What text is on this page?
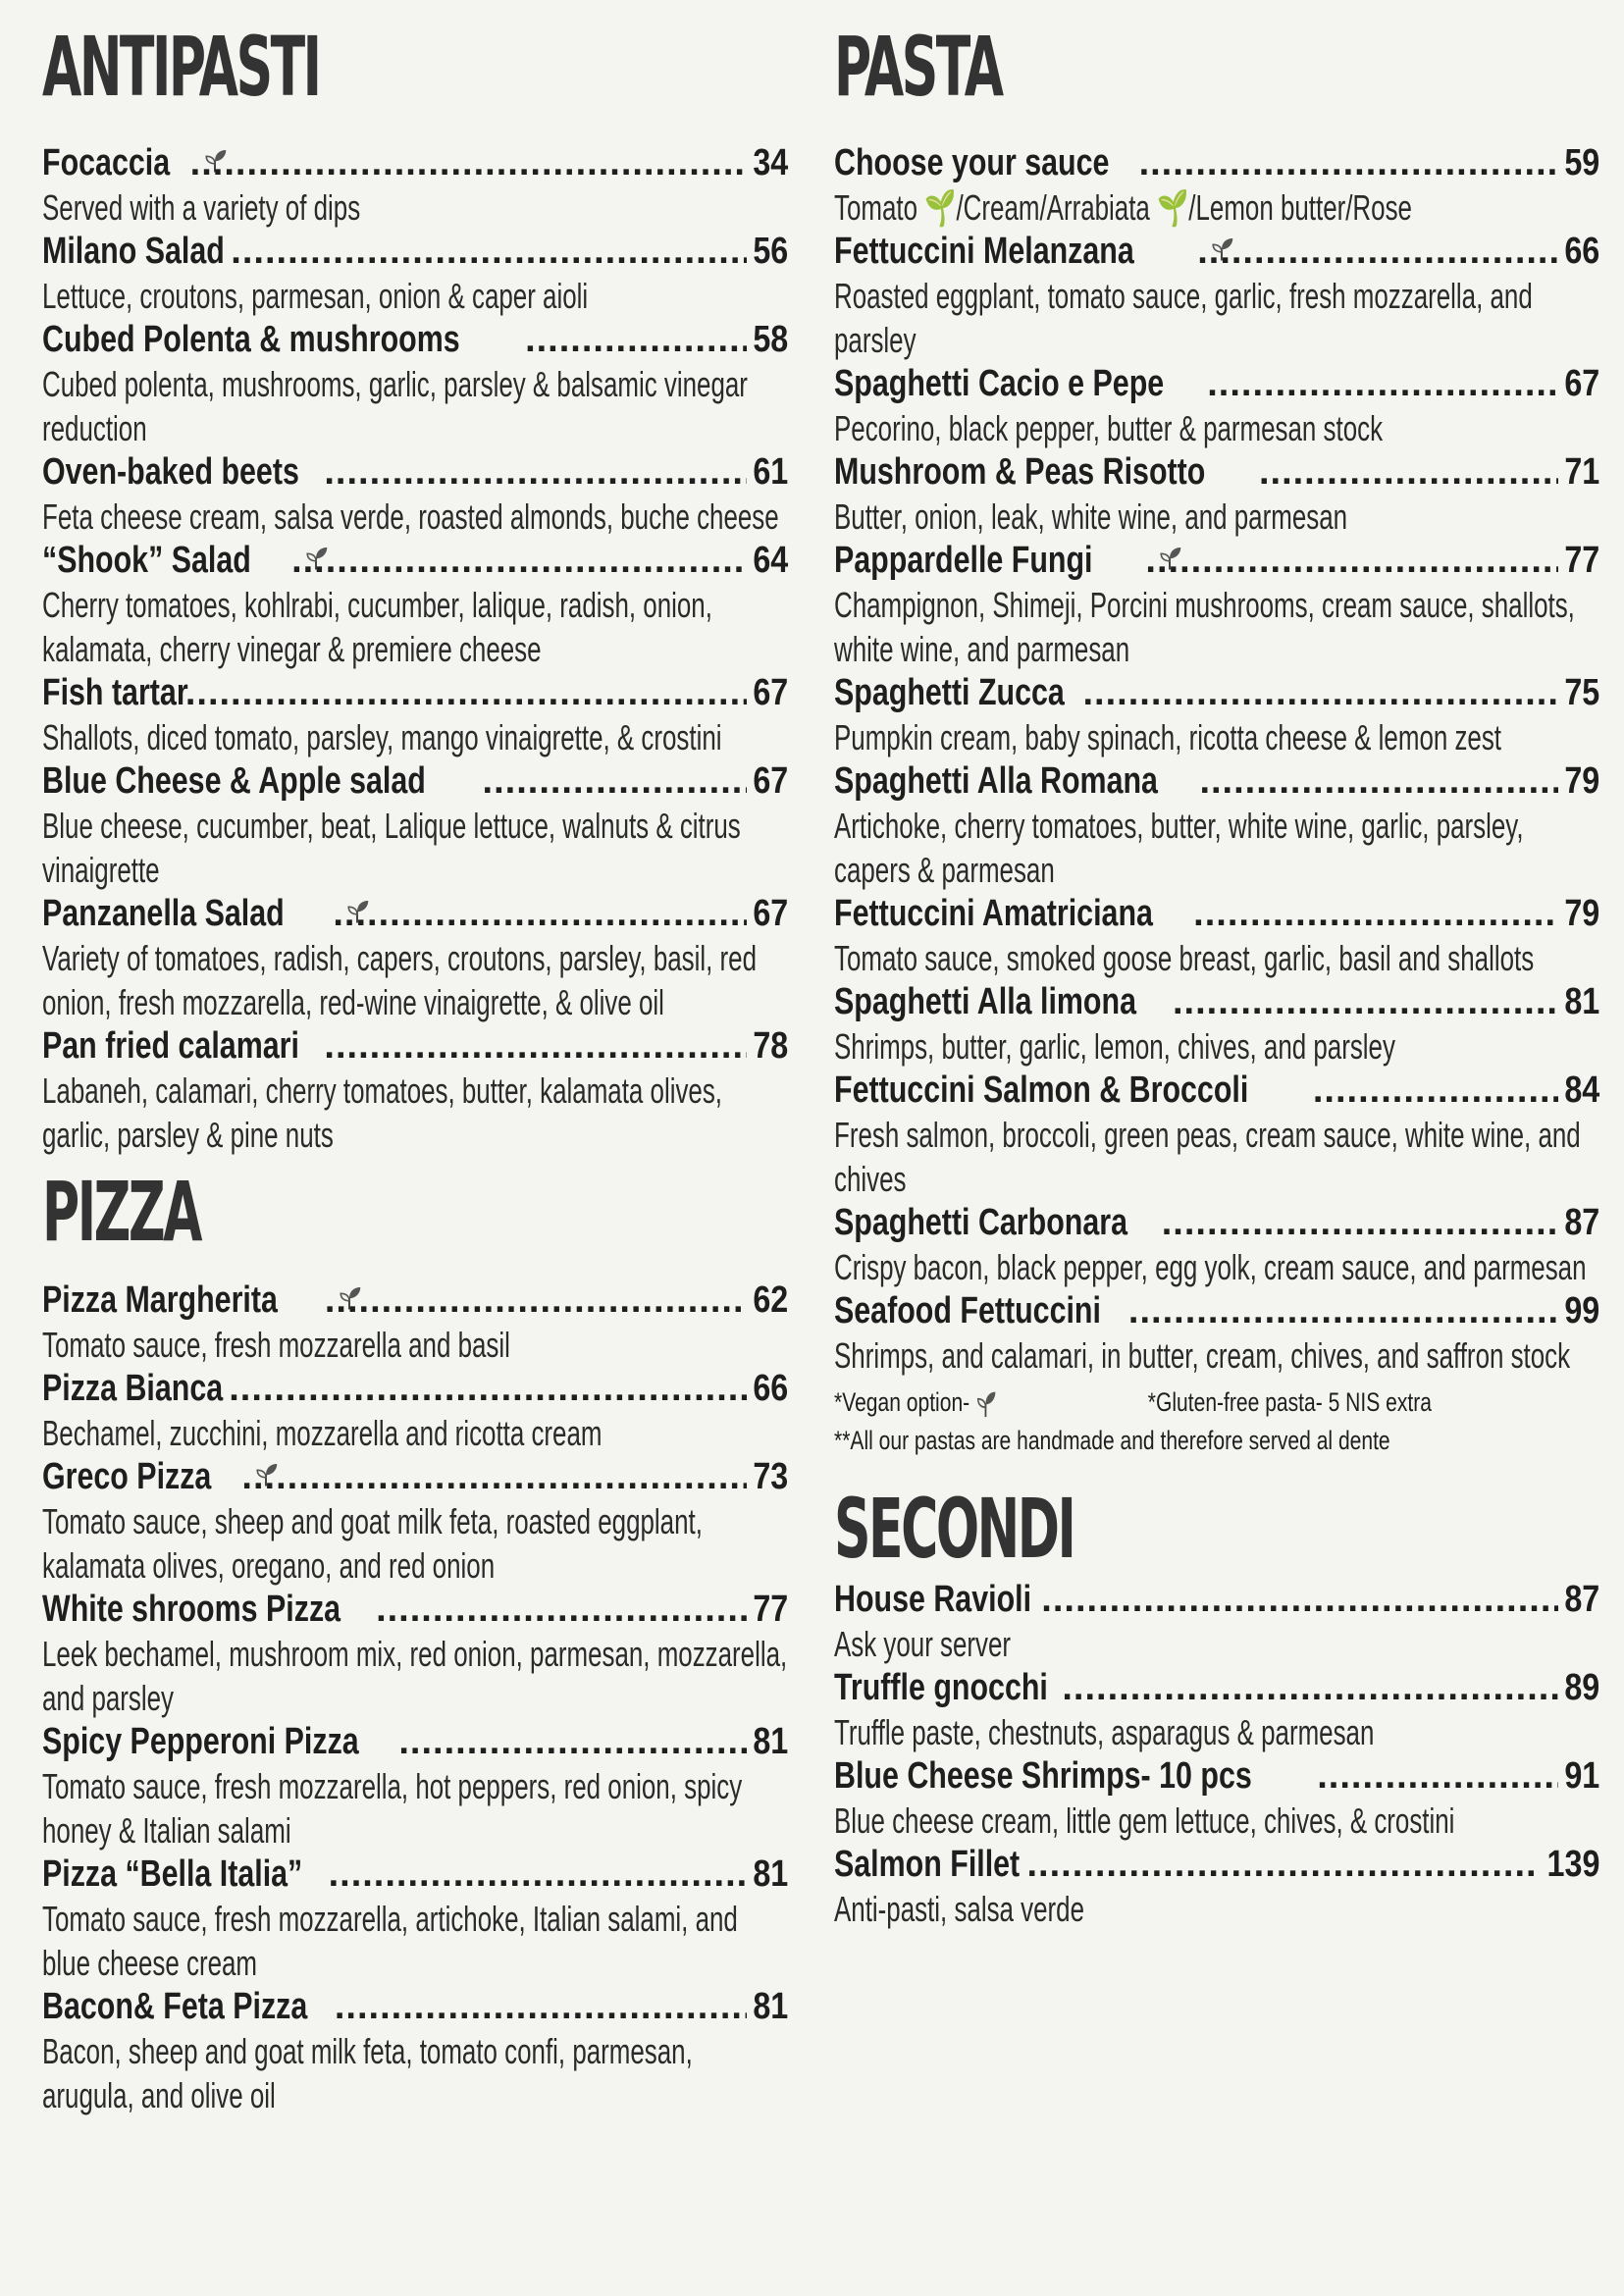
ANTIPASTI
Focaccia .....	34
Served with a variety of dips
Milano Salad .....	56
Lettuce, croutons, parmesan, onion & caper aioli
Cubed Polenta & mushrooms .....	58
Cubed polenta, mushrooms, garlic, parsley & balsamic vinegar reduction
Oven-baked beets .....	61
Feta cheese cream, salsa verde, roasted almonds, buche cheese
“Shook” Salad .....	64
Cherry tomatoes, kohlrabi, cucumber, lalique, radish, onion, kalamata, cherry vinegar & premiere cheese
Fish tartar .....	67
Shallots, diced tomato, parsley, mango vinaigrette, & crostini
Blue Cheese & Apple salad .....	67
Blue cheese, cucumber, beat, Lalique lettuce, walnuts & citrus vinaigrette
Panzanella Salad .....	67
Variety of tomatoes, radish, capers, croutons, parsley, basil, red onion, fresh mozzarella, red-wine vinaigrette, & olive oil
Pan fried calamari .....	78
Labaneh, calamari, cherry tomatoes, butter, kalamata olives, garlic, parsley & pine nuts
PIZZA
Pizza Margherita .....	62
Tomato sauce, fresh mozzarella and basil
Pizza Bianca .....	66
Bechamel, zucchini, mozzarella and ricotta cream
Greco Pizza .....	73
Tomato sauce, sheep and goat milk feta, roasted eggplant, kalamata olives, oregano, and red onion
White shrooms Pizza .....	77
Leek bechamel, mushroom mix, red onion, parmesan, mozzarella, and parsley
Spicy Pepperoni Pizza .....	81
Tomato sauce, fresh mozzarella, hot peppers, red onion, spicy honey & Italian salami
Pizza “Bella Italia” .....	81
Tomato sauce, fresh mozzarella, artichoke, Italian salami, and blue cheese cream
Bacon& Feta Pizza .....	81
Bacon, sheep and goat milk feta, tomato confi, parmesan, arugula, and olive oil
PASTA
Choose your sauce .....	59
Tomato 🌱/Cream/Arrabiata 🌱/Lemon butter/Rose
Fettuccini Melanzana .....	66
Roasted eggplant, tomato sauce, garlic, fresh mozzarella, and parsley
Spaghetti Cacio e Pepe .....	67
Pecorino, black pepper, butter & parmesan stock
Mushroom & Peas Risotto .....	71
Butter, onion, leak, white wine, and parmesan
Pappardelle Fungi .....	77
Champignon, Shimeji, Porcini mushrooms, cream sauce, shallots, white wine, and parmesan
Spaghetti Zucca .....	75
Pumpkin cream, baby spinach, ricotta cheese & lemon zest
Spaghetti Alla Romana .....	79
Artichoke, cherry tomatoes, butter, white wine, garlic, parsley, capers & parmesan
Fettuccini Amatriciana .....	79
Tomato sauce, smoked goose breast, garlic, basil and shallots
Spaghetti Alla limona .....	81
Shrimps, butter, garlic, lemon, chives, and parsley
Fettuccini Salmon & Broccoli .....	84
Fresh salmon, broccoli, green peas, cream sauce, white wine, and chives
Spaghetti Carbonara .....	87
Crispy bacon, black pepper, egg yolk, cream sauce, and parmesan
Seafood Fettuccini .....	99
Shrimps, and calamari, in butter, cream, chives, and saffron stock
*Vegan option-	*Gluten-free pasta- 5 NIS extra
**All our pastas are handmade and therefore served al dente
SECONDI
House Ravioli .....	87
Ask your server
Truffle gnocchi .....	89
Truffle paste, chestnuts, asparagus & parmesan
Blue Cheese Shrimps- 10 pcs .....	91
Blue cheese cream, little gem lettuce, chives, & crostini
Salmon Fillet .....	139
Anti-pasti, salsa verde
